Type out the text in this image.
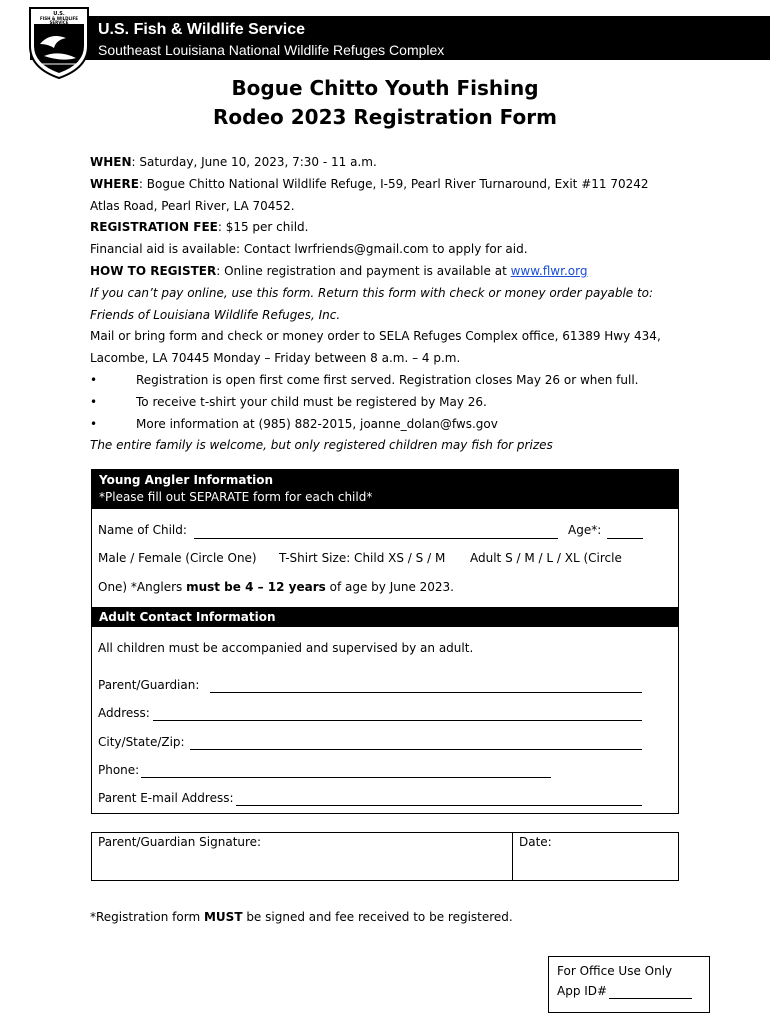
U.S.
FISH & WILDLIFE
SERVICE U.S. Fish & Wildlife Service
Southeast Louisiana National Wildlife Refuges Complex
Bogue Chitto Youth Fishing
Rodeo 2023 Registration Form
WHEN: Saturday, June 10, 2023, 7:30 - 11 a.m.
WHERE: Bogue Chitto National Wildlife Refuge, I-59, Pearl River Turnaround, Exit #11 70242
Atlas Road, Pearl River, LA 70452.
REGISTRATION FEE: $15 per child.
Financial aid is available: Contact lwrfriends@gmail.com to apply for aid.
HOW TO REGISTER: Online registration and payment is available at www.flwr.org
If you can’t pay online, use this form. Return this form with check or money order payable to:
Friends of Louisiana Wildlife Refuges, Inc.
Mail or bring form and check or money order to SELA Refuges Complex office, 61389 Hwy 434,
Lacombe, LA 70445 Monday – Friday between 8 a.m. – 4 p.m.
•	Registration is open first come first served. Registration closes May 26 or when full.
•	To receive t-shirt your child must be registered by May 26.
•	More information at (985) 882-2015, joanne_dolan@fws.gov
The entire family is welcome, but only registered children may fish for prizes
Young Angler Information
*Please fill out SEPARATE form for each child*
Name of Child:	Age*:
Male / Female (Circle One) T-Shirt Size: Child XS / S / M Adult S / M / L / XL (Circle
One) *Anglers must be 4 – 12 years of age by June 2023.
Adult Contact Information
All children must be accompanied and supervised by an adult.
Parent/Guardian:
Address:
City/State/Zip:
Phone:
Parent E-mail Address:
Parent/Guardian Signature:	Date:
*Registration form MUST be signed and fee received to be registered.
For Office Use Only
App ID#
